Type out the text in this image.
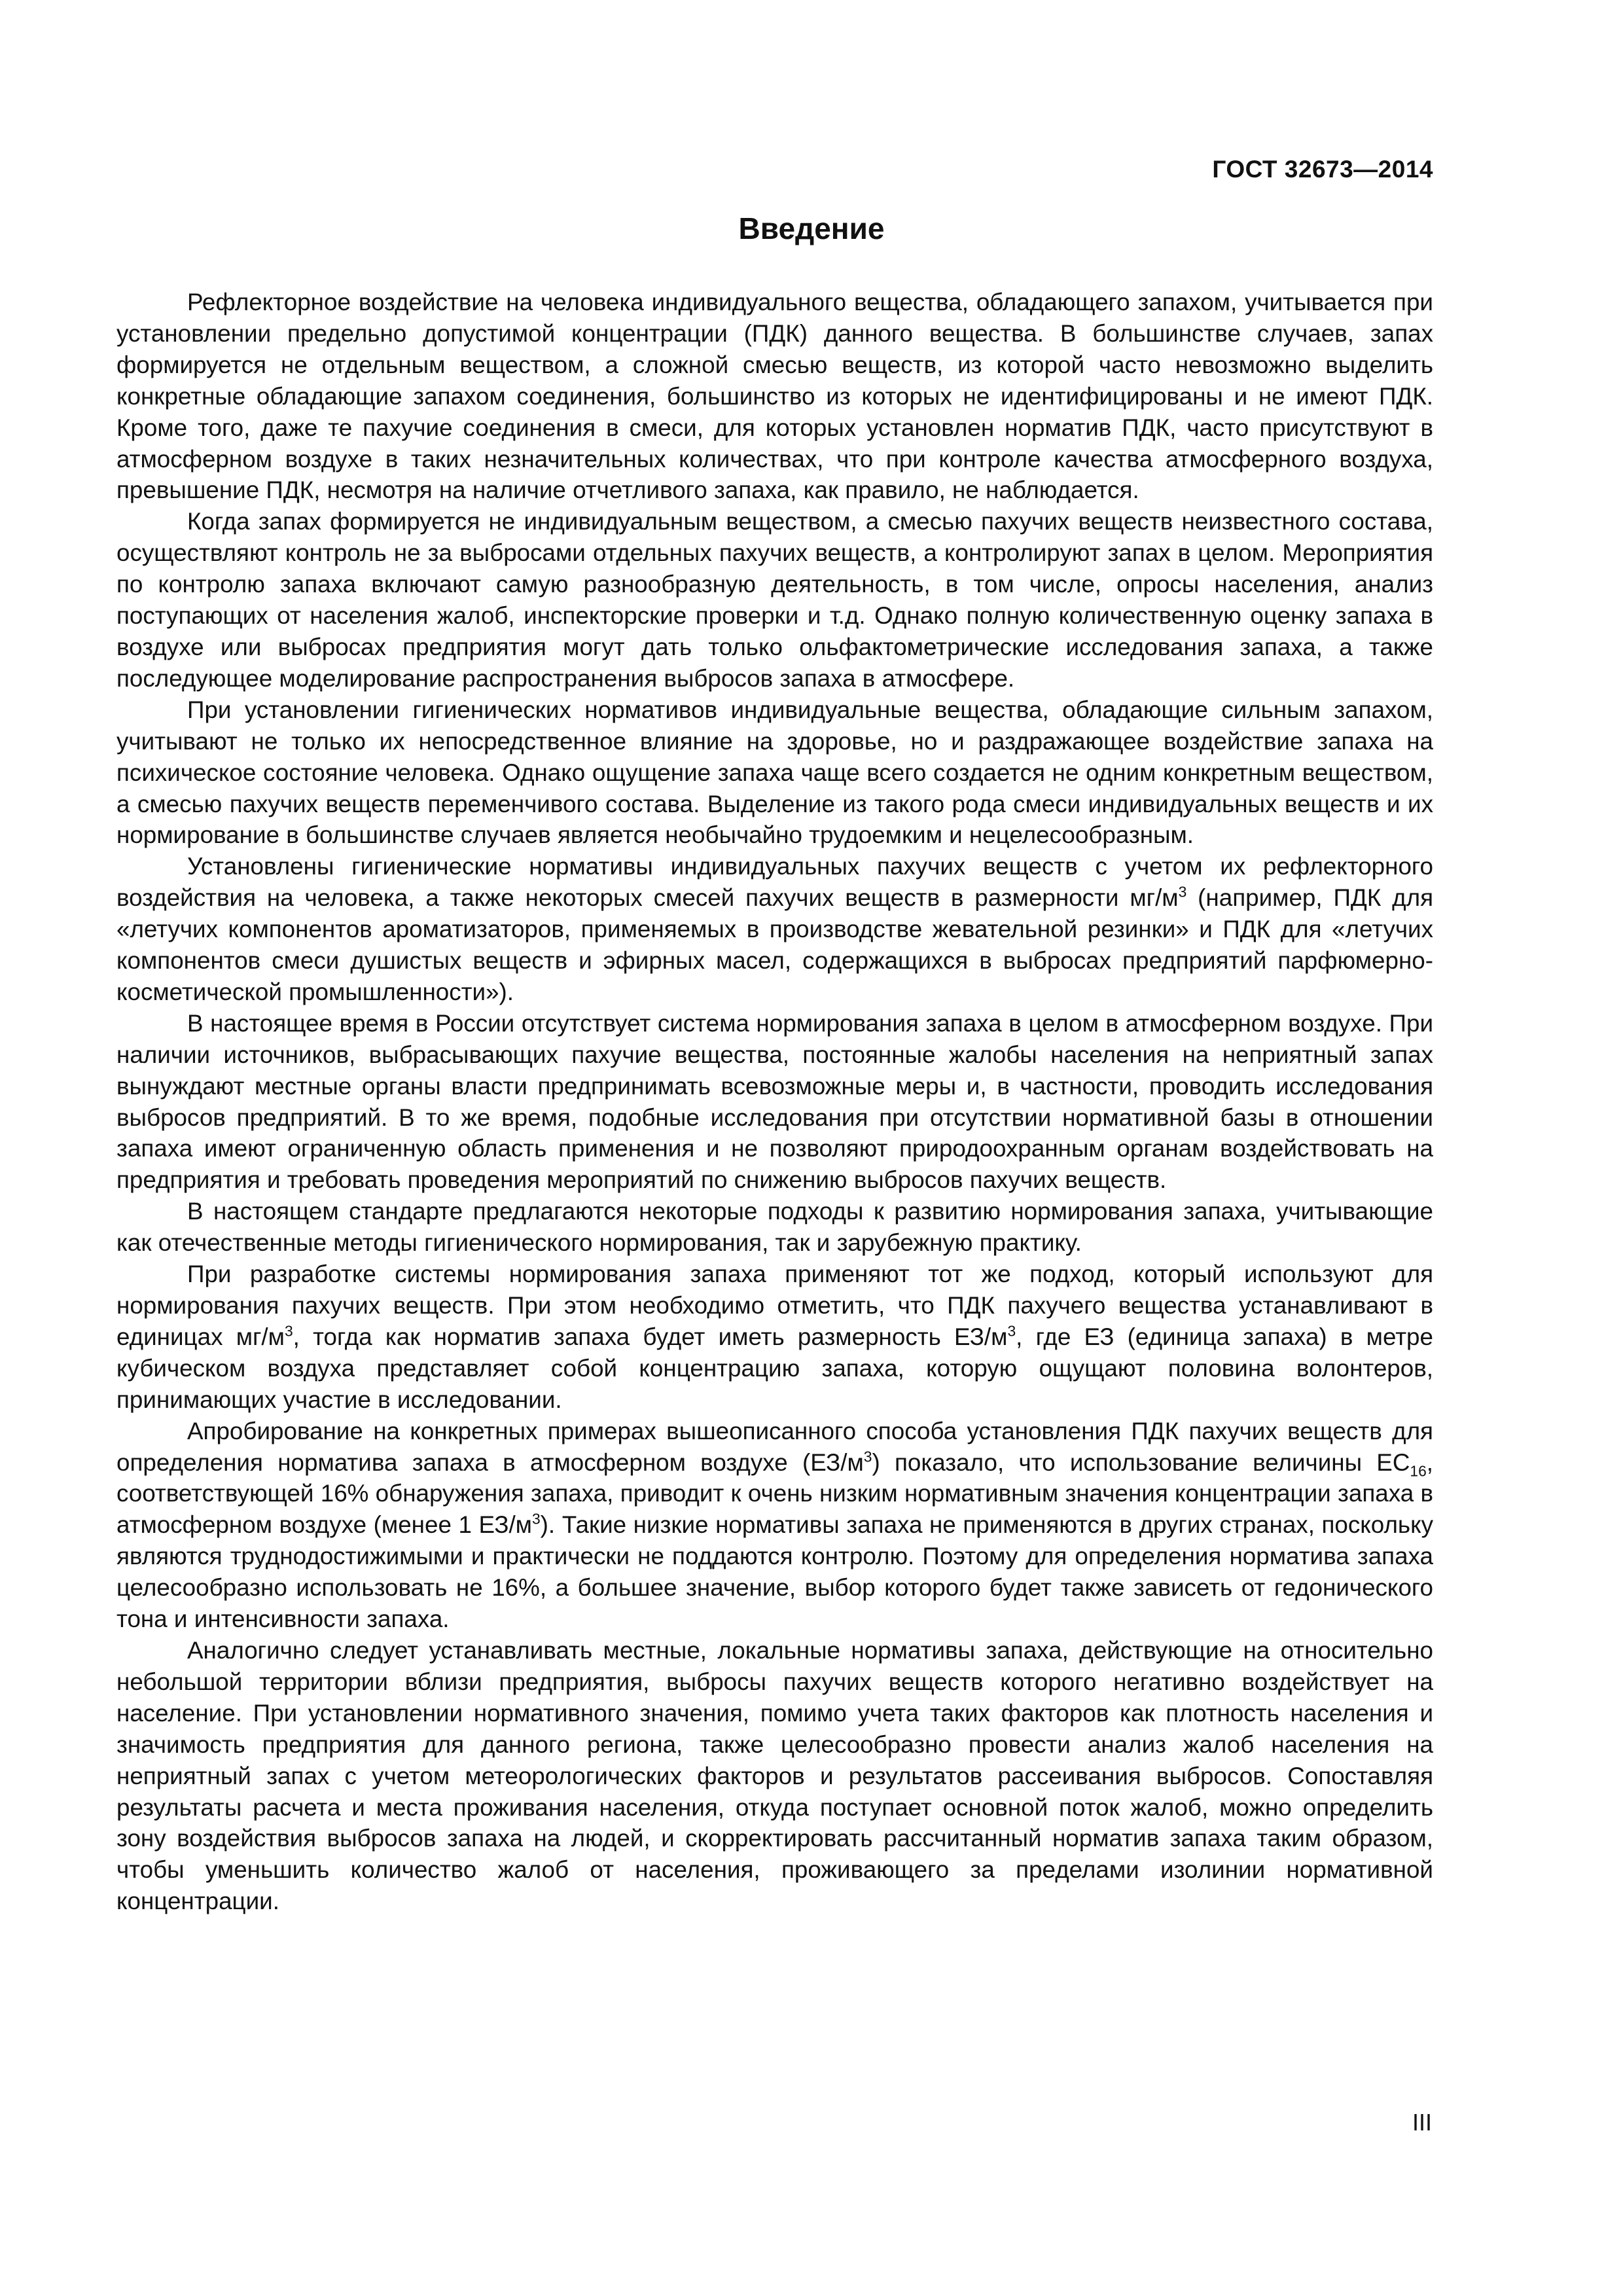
ГОСТ 32673—2014
Введение

Рефлекторное воздействие на человека индивидуального вещества, обладающего запахом, учитывается при установлении предельно допустимой концентрации (ПДК) данного вещества. В большинстве случаев, запах формируется не отдельным веществом, а сложной смесью веществ, из которой часто невозможно выделить конкретные обладающие запахом соединения, большинство из которых не идентифицированы и не имеют ПДК. Кроме того, даже те пахучие соединения в смеси, для которых установлен норматив ПДК, часто присутствуют в атмосферном воздухе в таких незначительных количествах, что при контроле качества атмосферного воздуха, превышение ПДК, несмотря на наличие отчетливого запаха, как правило, не наблюдается.

Когда запах формируется не индивидуальным веществом, а смесью пахучих веществ неизвестного состава, осуществляют контроль не за выбросами отдельных пахучих веществ, а контролируют запах в целом. Мероприятия по контролю запаха включают самую разнообразную деятельность, в том числе, опросы населения, анализ поступающих от населения жалоб, инспекторские проверки и т.д. Однако полную количественную оценку запаха в воздухе или выбросах предприятия могут дать только ольфактометрические исследования запаха, а также последующее моделирование распространения выбросов запаха в атмосфере.

При установлении гигиенических нормативов индивидуальные вещества, обладающие сильным запахом, учитывают не только их непосредственное влияние на здоровье, но и раздражающее воздействие запаха на психическое состояние человека. Однако ощущение запаха чаще всего создается не одним конкретным веществом, а смесью пахучих веществ переменчивого состава. Выделение из такого рода смеси индивидуальных веществ и их нормирование в большинстве случаев является необычайно трудоемким и нецелесообразным.

Установлены гигиенические нормативы индивидуальных пахучих веществ с учетом их рефлекторного воздействия на человека, а также некоторых смесей пахучих веществ в размерности $мг/м^3$ (например, ПДК для «летучих компонентов ароматизаторов, применяемых в производстве жевательной резинки» и ПДК для «летучих компонентов смеси душистых веществ и эфирных масел, содержащихся в выбросах предприятий парфюмерно-косметической промышленности»).

В настоящее время в России отсутствует система нормирования запаха в целом в атмосферном воздухе. При наличии источников, выбрасывающих пахучие вещества, постоянные жалобы населения на неприятный запах вынуждают местные органы власти предпринимать всевозможные меры и, в частности, проводить исследования выбросов предприятий. В то же время, подобные исследования при отсутствии нормативной базы в отношении запаха имеют ограниченную область применения и не позволяют природоохранным органам воздействовать на предприятия и требовать проведения мероприятий по снижению выбросов пахучих веществ.

В настоящем стандарте предлагаются некоторые подходы к развитию нормирования запаха, учитывающие как отечественные методы гигиенического нормирования, так и зарубежную практику.

При разработке системы нормирования запаха применяют тот же подход, который используют для нормирования пахучих веществ. При этом необходимо отметить, что ПДК пахучего вещества устанавливают в единицах $мг/м^3$, тогда как норматив запаха будет иметь размерность $ЕЗ/м^3$, где ЕЗ (единица запаха) в метре кубическом воздуха представляет собой концентрацию запаха, которую ощущают половина волонтеров, принимающих участие в исследовании.

Апробирование на конкретных примерах вышеописанного способа установления ПДК пахучих веществ для определения норматива запаха в атмосферном воздухе $(ЕЗ/м^3)$ показало, что использование величины $ЕС_{16}$, соответствующей 16% обнаружения запаха, приводит к очень низким нормативным значения концентрации запаха в атмосферном воздухе (менее 1 $ЕЗ/м^3$). Такие низкие нормативы запаха не применяются в других странах, поскольку являются труднодостижимыми и практически не поддаются контролю. Поэтому для определения норматива запаха целесообразно использовать не 16%, а большее значение, выбор которого будет также зависеть от гедонического тона и интенсивности запаха.

Аналогично следует устанавливать местные, локальные нормативы запаха, действующие на относительно небольшой территории вблизи предприятия, выбросы пахучих веществ которого негативно воздействует на население. При установлении нормативного значения, помимо учета таких факторов как плотность населения и значимость предприятия для данного региона, также целесообразно провести анализ жалоб населения на неприятный запах с учетом метеорологических факторов и результатов рассеивания выбросов. Сопоставляя результаты расчета и места проживания населения, откуда поступает основной поток жалоб, можно определить зону воздействия выбросов запаха на людей, и скорректировать рассчитанный норматив запаха таким образом, чтобы уменьшить количество жалоб от населения, проживающего за пределами изолинии нормативной концентрации.

III
